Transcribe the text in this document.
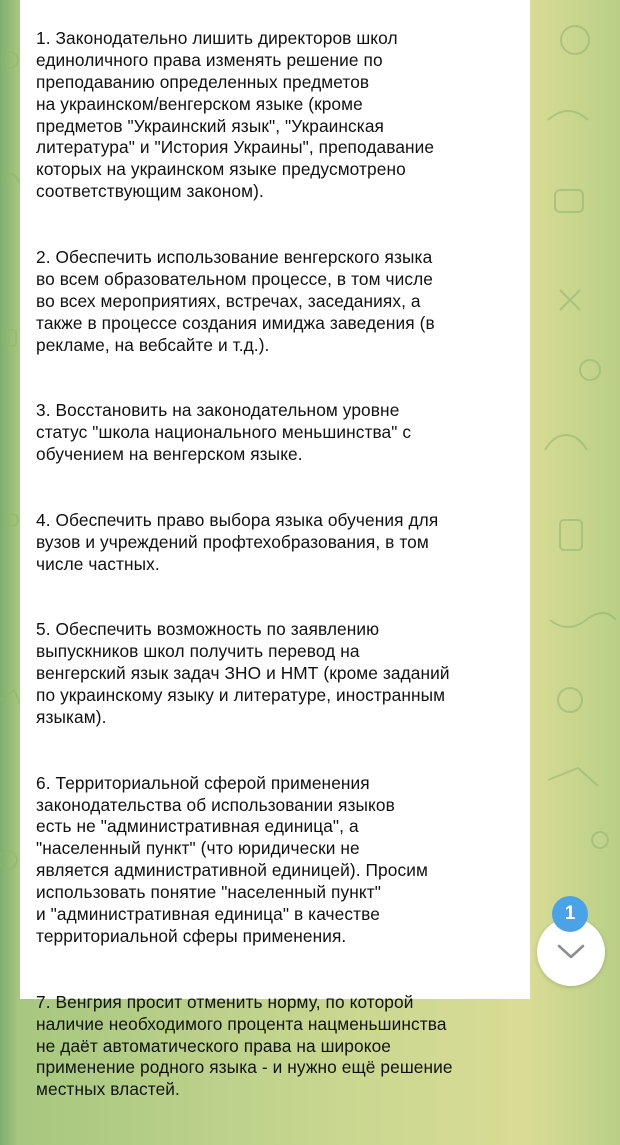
1. Законодательно лишить директоров школ
единоличного права изменять решение по
преподаванию определенных предметов
на украинском/венгерском языке (кроме
предметов "Украинский язык", "Украинская
литература" и "История Украины", преподавание
которых на украинском языке предусмотрено
соответствующим законом).

2. Обеспечить использование венгерского языка
во всем образовательном процессе, в том числе
во всех мероприятиях, встречах, заседаниях, а
также в процессе создания имиджа заведения (в
рекламе, на вебсайте и т.д.).

3. Восстановить на законодательном уровне
статус "школа национального меньшинства" с
обучением на венгерском языке.

4. Обеспечить право выбора языка обучения для
вузов и учреждений профтехобразования, в том
числе частных.

5. Обеспечить возможность по заявлению
выпускников школ получить перевод на
венгерский язык задач ЗНО и НМТ (кроме заданий
по украинскому языку и литературе, иностранным
языкам).

6. Территориальной сферой применения
законодательства об использовании языков
есть не "административная единица", а
"населенный пункт" (что юридически не
является административной единицей). Просим
использовать понятие "населенный пункт"
и "административная единица" в качестве
территориальной сферы применения.

7. Венгрия просит отменить норму, по которой
наличие необходимого процента нацменьшинства
не даёт автоматического права на широкое
применение родного языка - и нужно ещё решение
местных властей.

1
